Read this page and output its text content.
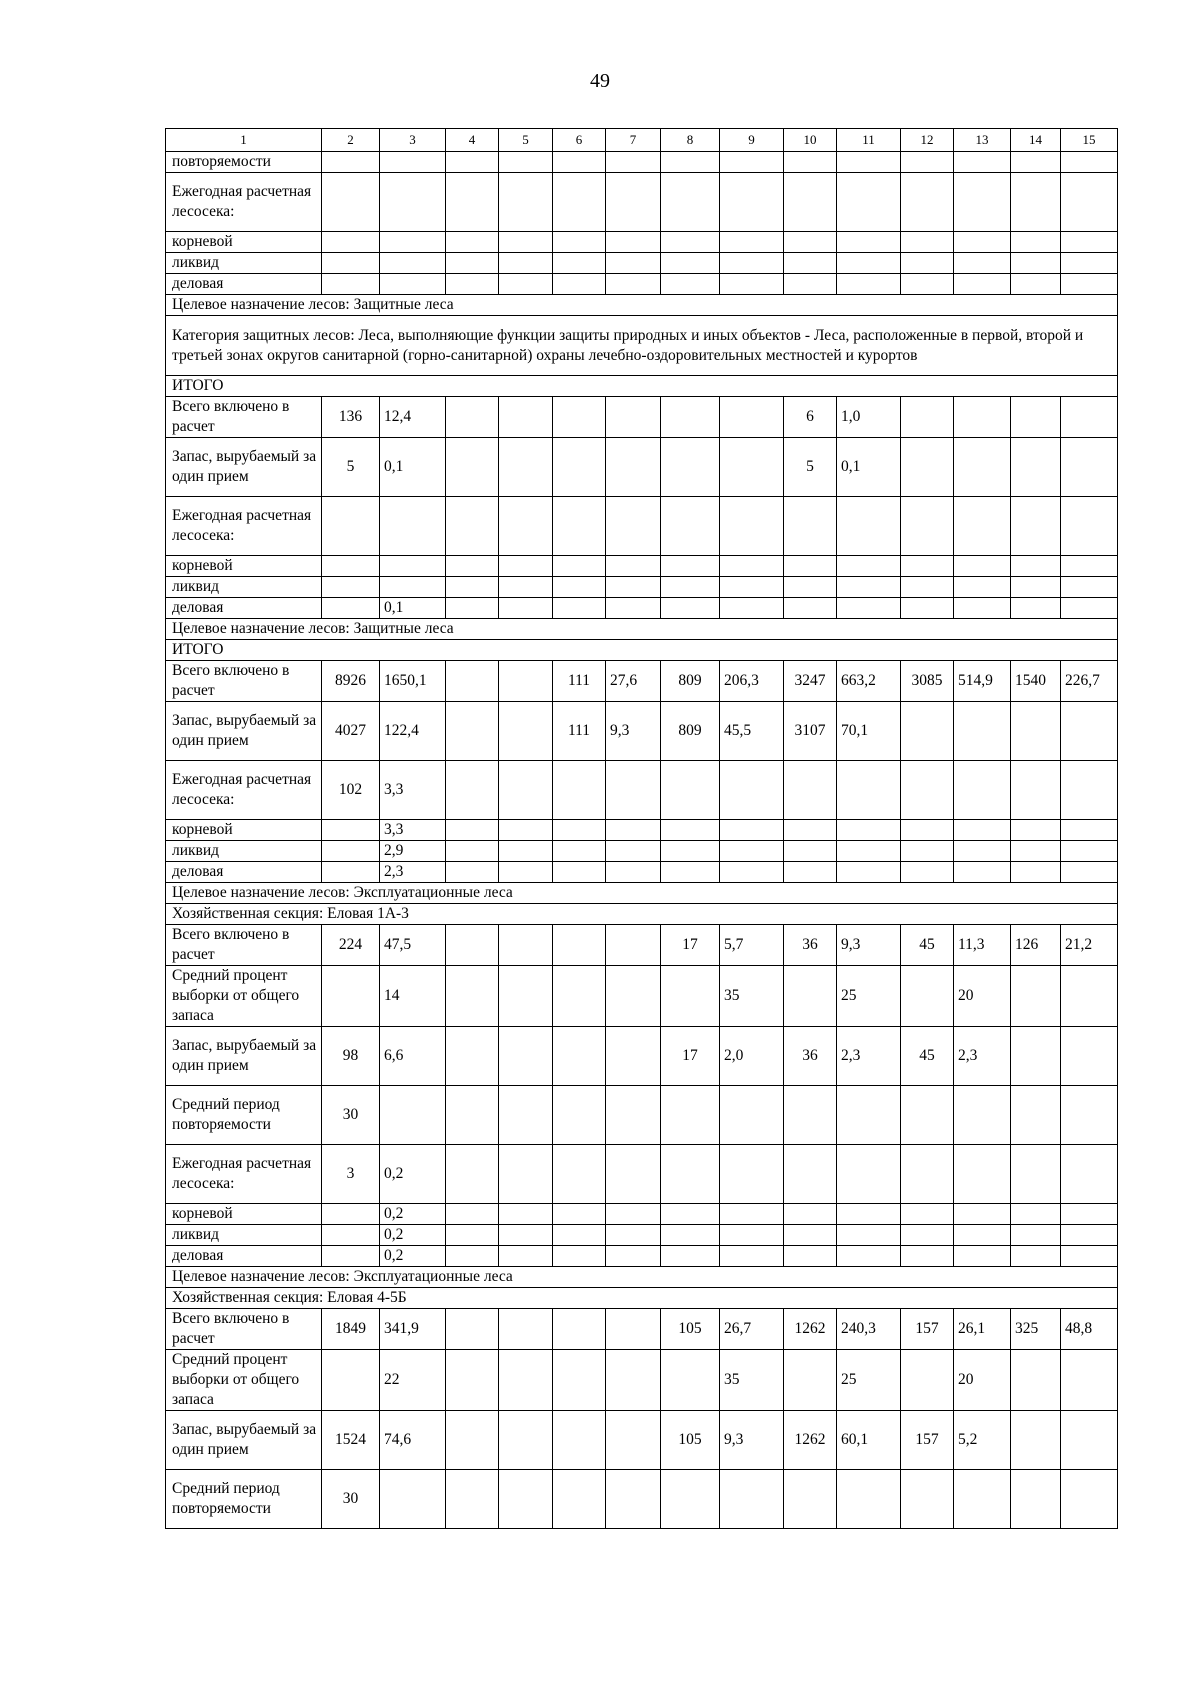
49
1	2	3	4	5	6	7	8	9	10	11	12	13	14	15
повторяемости														
Ежегодная расчетная лесосека:														
корневой														
ликвид														
деловая														
Целевое назначение лесов: Защитные леса														
Категория защитных лесов: Леса, выполняющие функции защиты природных и иных объектов - Леса, расположенные в первой, второй и третьей зонах округов санитарной (горно-санитарной) охраны лечебно-оздоровительных местностей и курортов														
ИТОГО														
Всего включено в расчет	136	12,4							6	1,0				
Запас, вырубаемый за один прием	5	0,1							5	0,1				
Ежегодная расчетная лесосека:														
корневой														
ликвид														
деловая		0,1												
Целевое назначение лесов: Защитные леса														
ИТОГО														
Всего включено в расчет	8926	1650,1			111	27,6	809	206,3	3247	663,2	3085	514,9	1540	226,7
Запас, вырубаемый за один прием	4027	122,4			111	9,3	809	45,5	3107	70,1				
Ежегодная расчетная лесосека:	102	3,3												
корневой		3,3												
ликвид		2,9												
деловая		2,3												
Целевое назначение лесов: Эксплуатационные леса														
Хозяйственная секция: Еловая 1А-3														
Всего включено в расчет	224	47,5					17	5,7	36	9,3	45	11,3	126	21,2
Средний процент выборки от общего запаса		14						35		25		20		
Запас, вырубаемый за один прием	98	6,6					17	2,0	36	2,3	45	2,3		
Средний период повторяемости	30													
Ежегодная расчетная лесосека:	3	0,2												
корневой		0,2												
ликвид		0,2												
деловая		0,2												
Целевое назначение лесов: Эксплуатационные леса														
Хозяйственная секция: Еловая 4-5Б														
Всего включено в расчет	1849	341,9					105	26,7	1262	240,3	157	26,1	325	48,8
Средний процент выборки от общего запаса		22						35		25		20		
Запас, вырубаемый за один прием	1524	74,6					105	9,3	1262	60,1	157	5,2		
Средний период повторяемости	30													
